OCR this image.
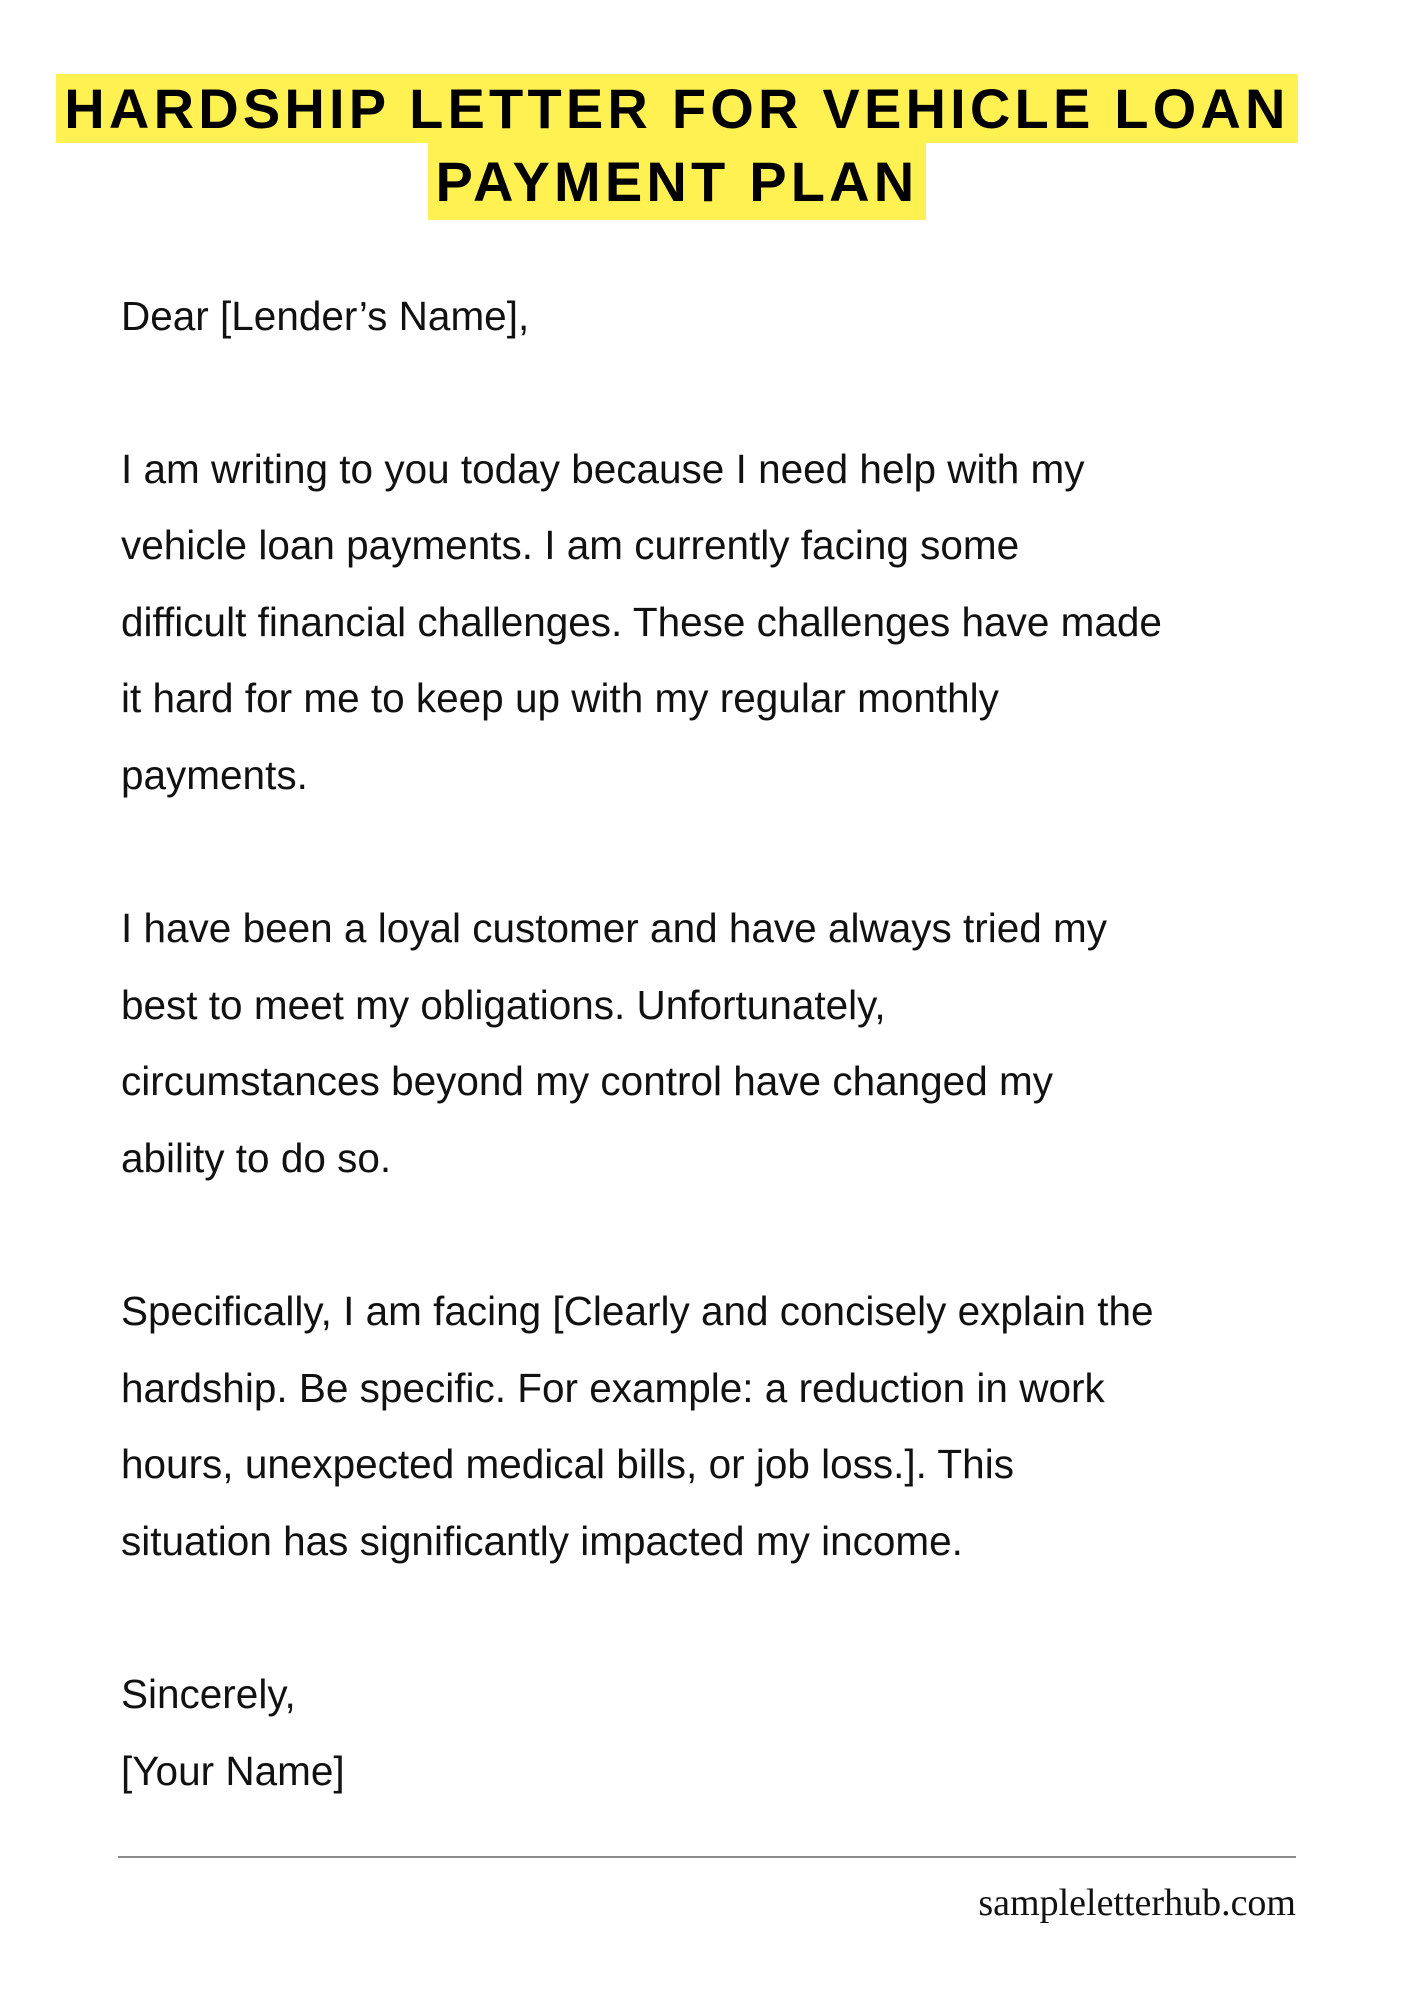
HARDSHIP LETTER FOR VEHICLE LOAN
PAYMENT PLAN
Dear [Lender’s Name],
I am writing to you today because I need help with my
vehicle loan payments. I am currently facing some
difficult financial challenges. These challenges have made
it hard for me to keep up with my regular monthly
payments.
I have been a loyal customer and have always tried my
best to meet my obligations. Unfortunately,
circumstances beyond my control have changed my
ability to do so.
Specifically, I am facing [Clearly and concisely explain the
hardship. Be specific. For example: a reduction in work
hours, unexpected medical bills, or job loss.]. This
situation has significantly impacted my income.
Sincerely,
[Your Name]
sampleletterhub.com
